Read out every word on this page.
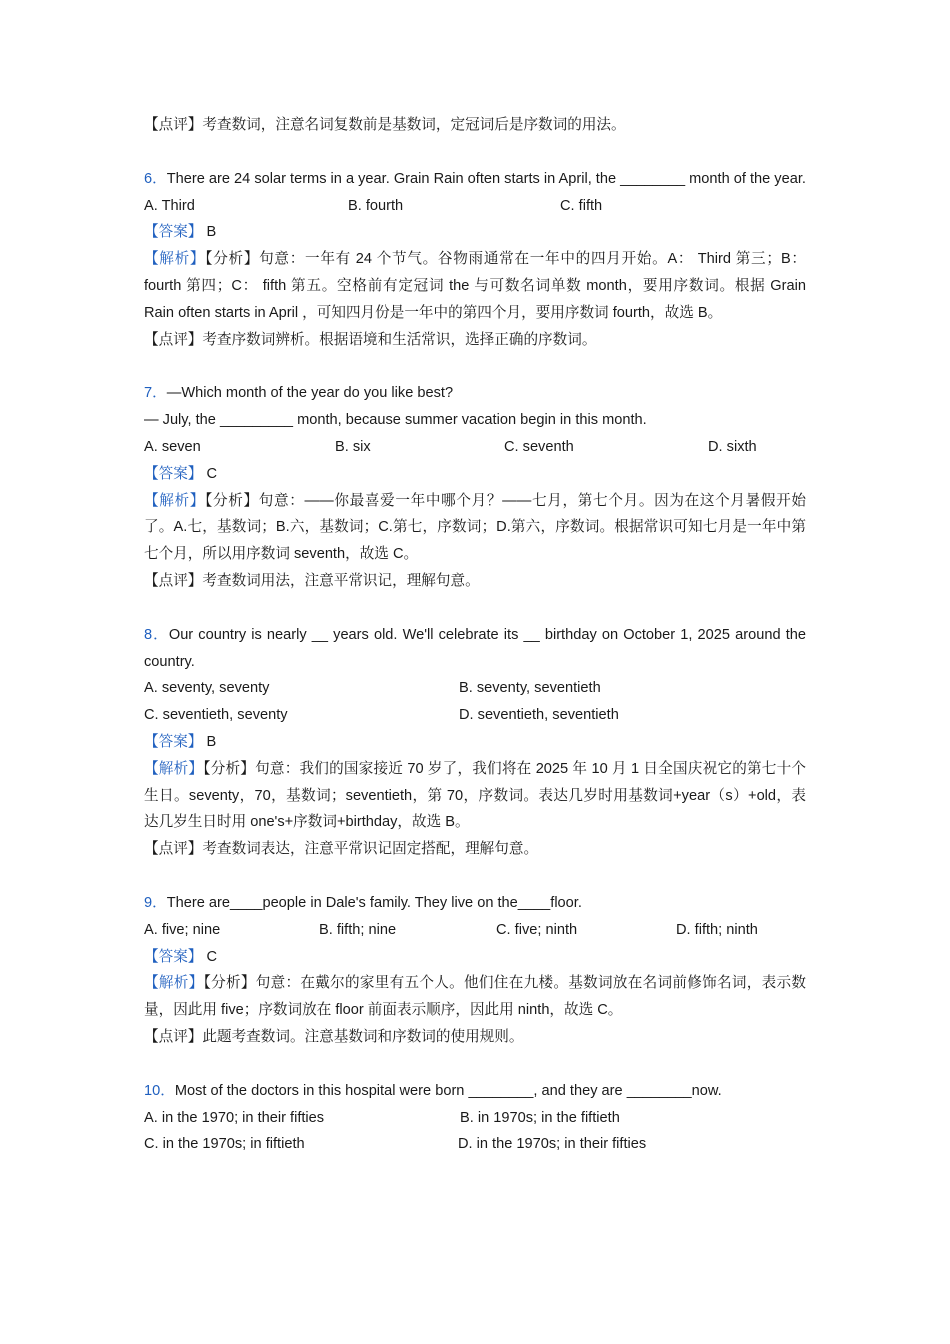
【点评】考查数词，注意名词复数前是基数词，定冠词后是序数词的用法。
6．There are 24 solar terms in a year. Grain Rain often starts in April, the ________ month of the year.
A. Third	B. fourth	C. fifth
【答案】 B
【解析】【分析】句意：一年有 24 个节气。谷物雨通常在一年中的四月开始。A： Third 第三；B： fourth 第四；C： fifth 第五。空格前有定冠词 the 与可数名词单数 month，要用序数词。根据 Grain Rain often starts in April ，可知四月份是一年中的第四个月，要用序数词 fourth，故选 B。
【点评】考查序数词辨析。根据语境和生活常识，选择正确的序数词。
7．—Which month of the year do you like best?
— July, the _________ month, because summer vacation begin in this month.
A. seven	B. six	C. seventh	D. sixth
【答案】 C
【解析】【分析】句意：——你最喜爱一年中哪个月？——七月，第七个月。因为在这个月暑假开始了。A.七，基数词；B.六，基数词；C.第七，序数词；D.第六，序数词。根据常识可知七月是一年中第七个月，所以用序数词 seventh，故选 C。
【点评】考查数词用法，注意平常识记，理解句意。
8．Our country is nearly __ years old. We'll celebrate its __ birthday on October 1, 2025 around the country.
A. seventy, seventy	B. seventy, seventieth
C. seventieth, seventy	D. seventieth, seventieth
【答案】 B
【解析】【分析】句意：我们的国家接近 70 岁了，我们将在 2025 年 10 月 1 日全国庆祝它的第七十个生日。seventy，70，基数词；seventieth，第 70，序数词。表达几岁时用基数词+year（s）+old，表达几岁生日时用 one's+序数词+birthday，故选 B。
【点评】考查数词表达，注意平常识记固定搭配，理解句意。
9．There are____people in Dale's family. They live on the____floor.
A. five; nine	B. fifth; nine	C. five; ninth	D. fifth; ninth
【答案】 C
【解析】【分析】句意：在戴尔的家里有五个人。他们住在九楼。基数词放在名词前修饰名词，表示数量，因此用 five；序数词放在 floor 前面表示顺序，因此用 ninth，故选 C。
【点评】此题考查数词。注意基数词和序数词的使用规则。
10．Most of the doctors in this hospital were born ________, and they are ________now.
A. in the 1970; in their fifties	B. in 1970s; in the fiftieth
C. in the 1970s; in fiftieth	D. in the 1970s; in their fifties
